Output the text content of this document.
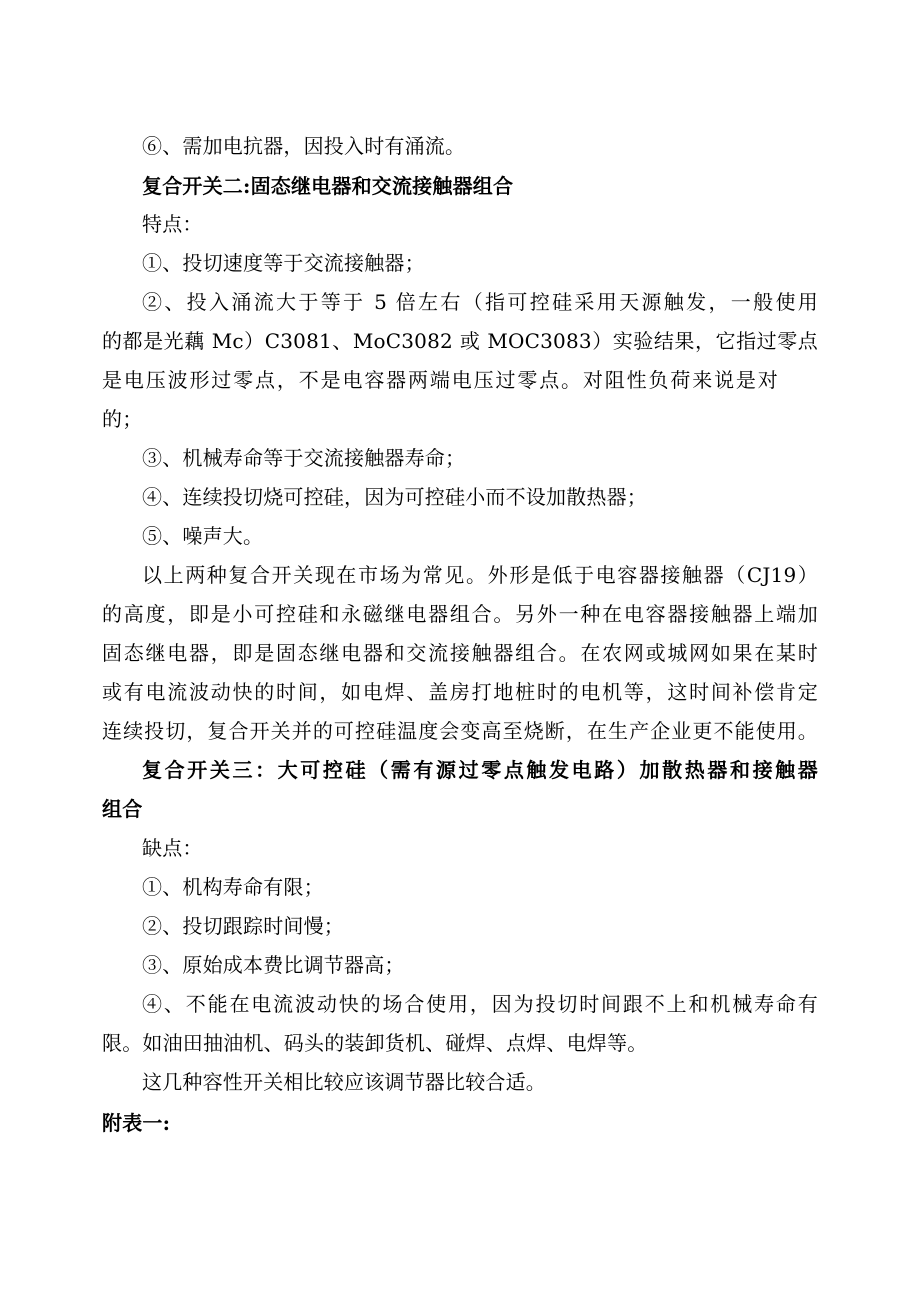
⑥、需加电抗器，因投入时有涌流。
复合开关二:固态继电器和交流接触器组合
特点：
①、投切速度等于交流接触器；
②、投入涌流大于等于 5 倍左右（指可控硅采用天源触发，一般使用
的都是光藕 Mc）C3081、MoC3082 或 MOC3083）实验结果，它指过零点
是电压波形过零点，不是电容器两端电压过零点。对阻性负荷来说是对
的；
③、机械寿命等于交流接触器寿命；
④、连续投切烧可控硅，因为可控硅小而不设加散热器；
⑤、噪声大。
以上两种复合开关现在市场为常见。外形是低于电容器接触器（CJ19）
的高度，即是小可控硅和永磁继电器组合。另外一种在电容器接触器上端加
固态继电器，即是固态继电器和交流接触器组合。在农网或城网如果在某时
或有电流波动快的时间，如电焊、盖房打地桩时的电机等，这时间补偿肯定
连续投切，复合开关并的可控硅温度会变高至烧断，在生产企业更不能使用。
复合开关三：大可控硅（需有源过零点触发电路）加散热器和接触器
组合
缺点：
①、机构寿命有限；
②、投切跟踪时间慢；
③、原始成本费比调节器高；
④、不能在电流波动快的场合使用，因为投切时间跟不上和机械寿命有
限。如油田抽油机、码头的装卸货机、碰焊、点焊、电焊等。
这几种容性开关相比较应该调节器比较合适。
附表一:
